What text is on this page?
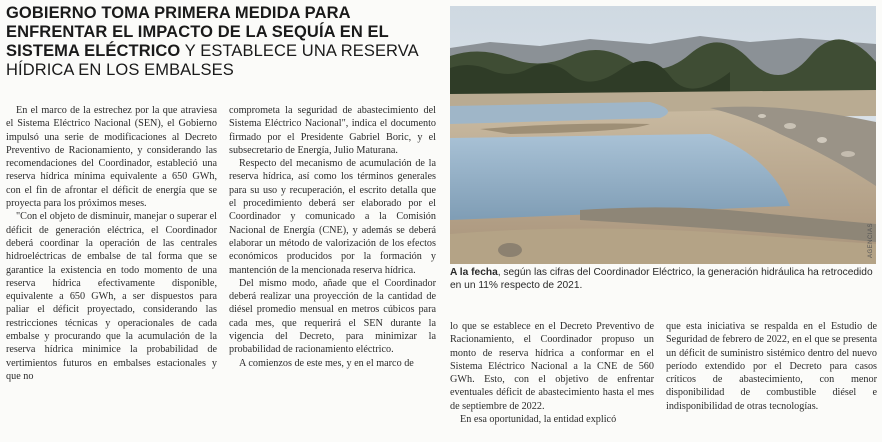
GOBIERNO TOMA PRIMERA MEDIDA PARA ENFRENTAR EL IMPACTO DE LA SEQUÍA EN EL SISTEMA ELÉCTRICO Y ESTABLECE UNA RESERVA HÍDRICA EN LOS EMBALSES

En el marco de la estrechez por la que atraviesa el Sistema Eléctrico Nacional (SEN), el Gobierno impulsó una serie de modificaciones al Decreto Preventivo de Racionamiento, y considerando las recomendaciones del Coordinador, estableció una reserva hídrica mínima equivalente a 650 GWh, con el fin de afrontar el déficit de energía que se proyecta para los próximos meses.

"Con el objeto de disminuir, manejar o superar el déficit de generación eléctrica, el Coordinador deberá coordinar la operación de las centrales hidroeléctricas de embalse de tal forma que se garantice la existencia en todo momento de una reserva hídrica efectivamente disponible, equivalente a 650 GWh, a ser dispuestos para paliar el déficit proyectado, considerando las restricciones técnicas y operacionales de cada embalse y procurando que la acumulación de la reserva hídrica minimice la probabilidad de vertimientos futuros en embalses estacionales y que no

comprometa la seguridad de abastecimiento del Sistema Eléctrico Nacional", indica el documento firmado por el Presidente Gabriel Boric, y el subsecretario de Energía, Julio Maturana.

Respecto del mecanismo de acumulación de la reserva hídrica, así como los términos generales para su uso y recuperación, el escrito detalla que el procedimiento deberá ser elaborado por el Coordinador y comunicado a la Comisión Nacional de Energía (CNE), y además se deberá elaborar un método de valorización de los efectos económicos producidos por la formación y mantención de la mencionada reserva hídrica.

Del mismo modo, añade que el Coordinador deberá realizar una proyección de la cantidad de diésel promedio mensual en metros cúbicos para cada mes, que requerirá el SEN durante la vigencia del Decreto, para minimizar la probabilidad de racionamiento eléctrico.

A comienzos de este mes, y en el marco de

AGENCIAS
A la fecha, según las cifras del Coordinador Eléctrico, la generación hidráulica ha retrocedido en un 11% respecto de 2021.

lo que se establece en el Decreto Preventivo de Racionamiento, el Coordinador propuso un monto de reserva hídrica a conformar en el Sistema Eléctrico Nacional a la CNE de 560 GWh. Esto, con el objetivo de enfrentar eventuales déficit de abastecimiento hasta el mes de septiembre de 2022.

En esa oportunidad, la entidad explicó

que esta iniciativa se respalda en el Estudio de Seguridad de febrero de 2022, en el que se presenta un déficit de suministro sistémico dentro del nuevo período extendido por el Decreto para casos críticos de abastecimiento, con menor disponibilidad de combustible diésel e indisponibilidad de otras tecnologías.
